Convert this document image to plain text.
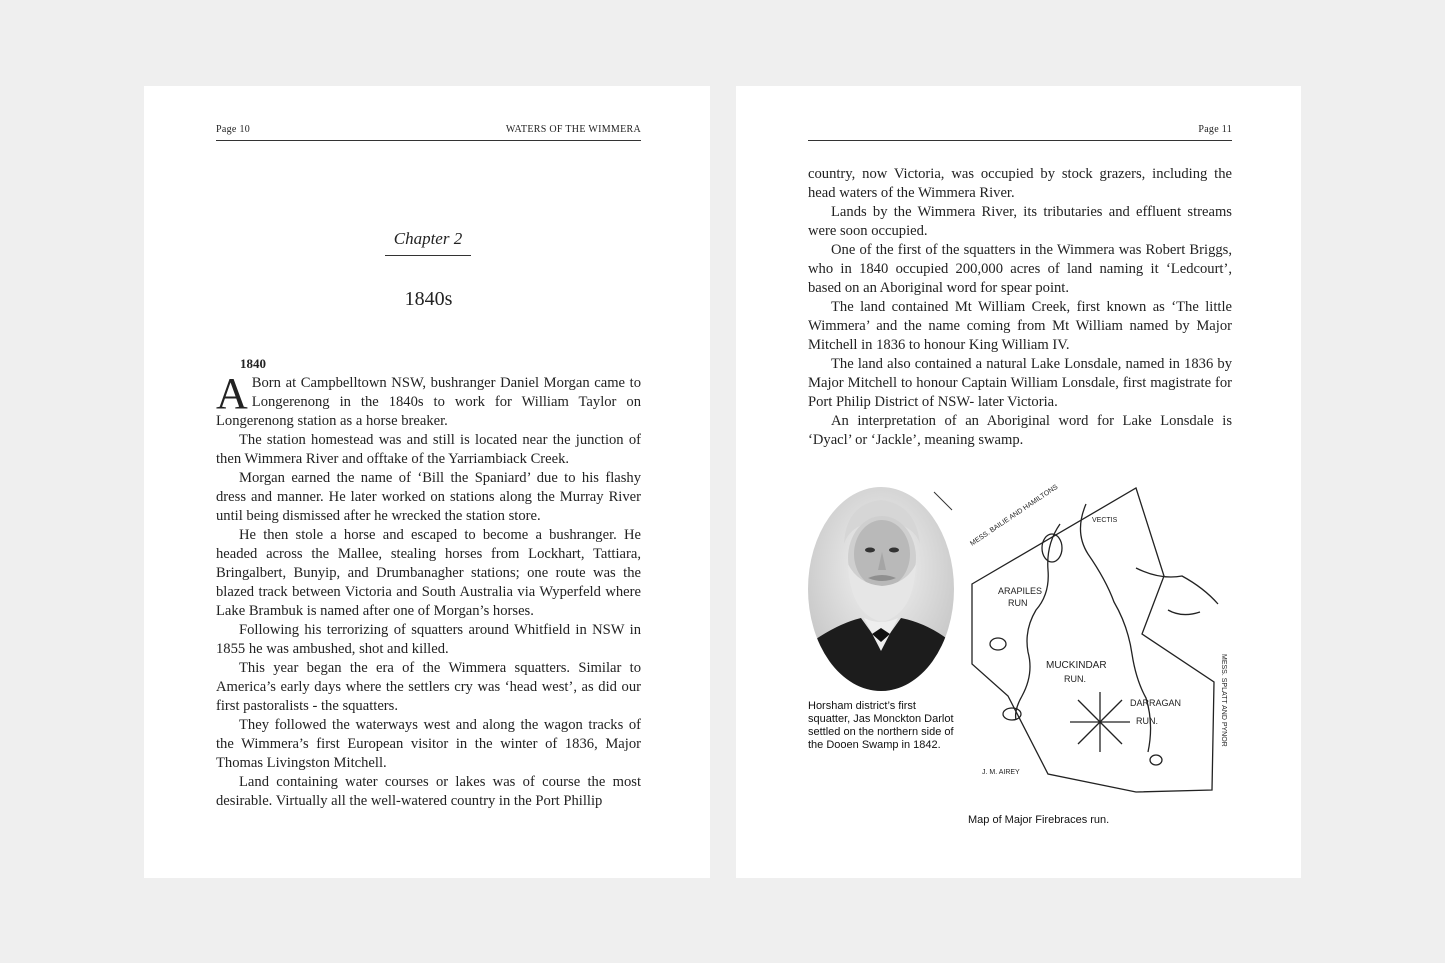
Page 10	WATERS OF THE WIMMERA
Chapter 2
1840s
1840

A Born at Campbelltown NSW, bushranger Daniel Morgan came to Longerenong in the 1840s to work for William Taylor on Longerenong station as a horse breaker.

The station homestead was and still is located near the junction of then Wimmera River and offtake of the Yarriambiack Creek.

Morgan earned the name of ‘Bill the Spaniard’ due to his flashy dress and manner. He later worked on stations along the Murray River until being dismissed after he wrecked the station store.

He then stole a horse and escaped to become a bushranger. He headed across the Mallee, stealing horses from Lockhart, Tattiara, Bringalbert, Bunyip, and Drumbanagher stations; one route was the blazed track between Victoria and South Australia via Wyperfeld where Lake Brambuk is named after one of Morgan’s horses.

Following his terrorizing of squatters around Whitfield in NSW in 1855 he was ambushed, shot and killed.

This year began the era of the Wimmera squatters. Similar to America’s early days where the settlers cry was ‘head west’, as did our first pastoralists - the squatters.

They followed the waterways west and along the wagon tracks of the Wimmera’s first European visitor in the winter of 1836, Major Thomas Livingston Mitchell.

Land containing water courses or lakes was of course the most desirable. Virtually all the well-watered country in the Port Phillip

Page 11

country, now Victoria, was occupied by stock grazers, including the head waters of the Wimmera River.

Lands by the Wimmera River, its tributaries and effluent streams were soon occupied.

One of the first of the squatters in the Wimmera was Robert Briggs, who in 1840 occupied 200,000 acres of land naming it ‘Ledcourt’, based on an Aboriginal word for spear point.

The land contained Mt William Creek, first known as ‘The little Wimmera’ and the name coming from Mt William named by Major Mitchell in 1836 to honour King William IV.

The land also contained a natural Lake Lonsdale, named in 1836 by Major Mitchell to honour Captain William Lonsdale, first magistrate for Port Philip District of NSW- later Victoria.

An interpretation of an Aboriginal word for Lake Lonsdale is ‘Dyacl’ or ‘Jackle’, meaning swamp.

Horsham district’s first squatter, Jas Monckton Darlot settled on the northern side of the Dooen Swamp in 1842.
MESS. BAILIE AND HAMILTONS	VECTIS
ARAPILES
RUN
MUCKINDAR
RUN.
DARRAGAN
RUN.
J. M. AIREY
MESS. SPLATT AND PYNOR
Map of Major Firebraces run.
